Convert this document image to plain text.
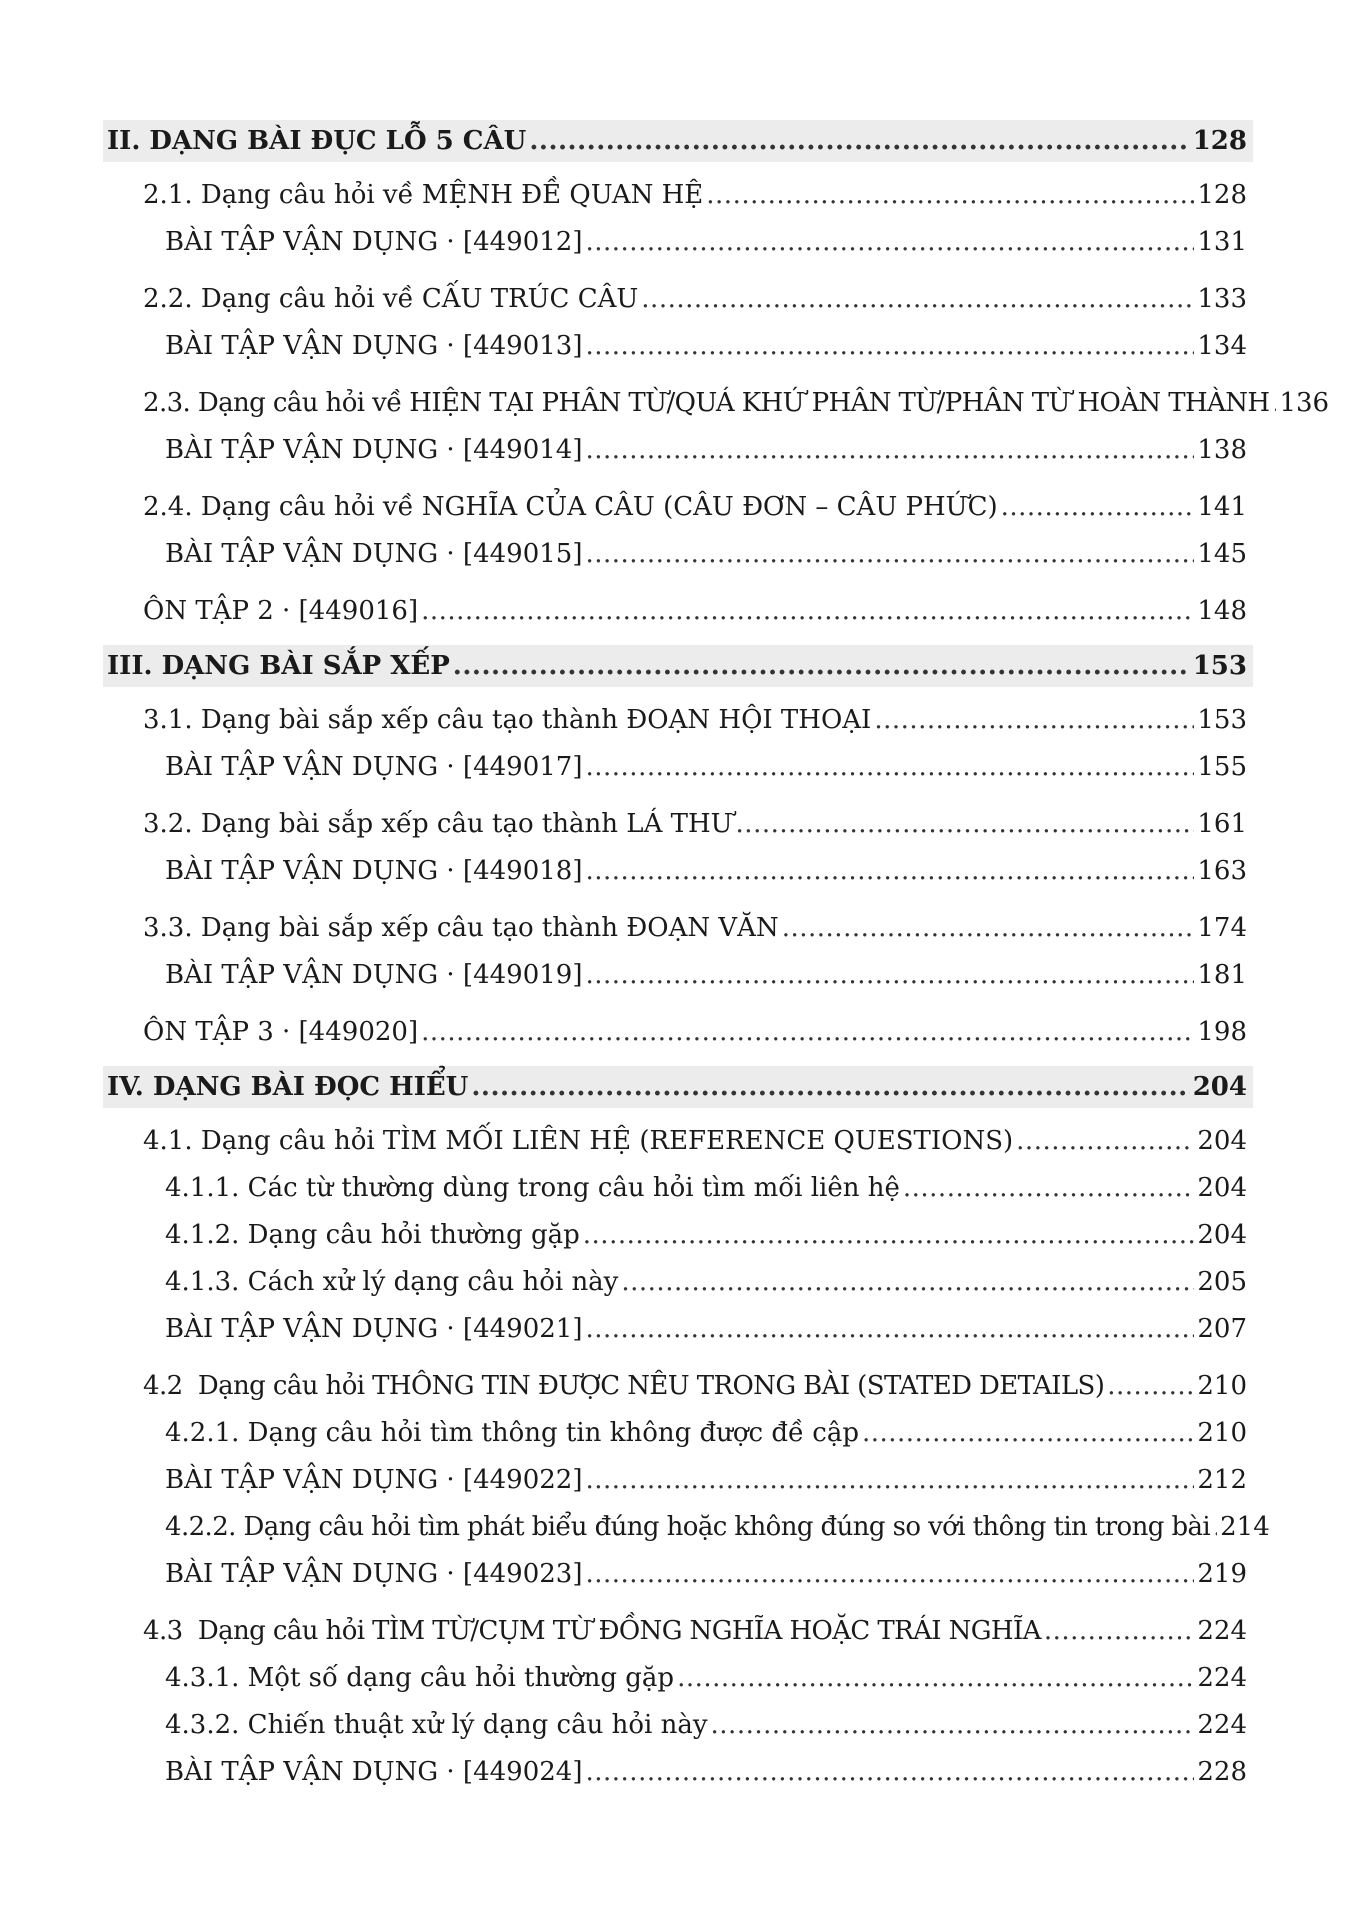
II. DẠNG BÀI ĐỤC LỖ 5 CÂU .....	128
2.1. Dạng câu hỏi về MỆNH ĐỀ QUAN HỆ .....	128
BÀI TẬP VẬN DỤNG · [449012] .....	131
2.2. Dạng câu hỏi về CẤU TRÚC CÂU .....	133
BÀI TẬP VẬN DỤNG · [449013] .....	134
2.3. Dạng câu hỏi về HIỆN TẠI PHÂN TỪ/QUÁ KHỨ PHÂN TỪ/PHÂN TỪ HOÀN THÀNH ..... 136
BÀI TẬP VẬN DỤNG · [449014] .....	138
2.4. Dạng câu hỏi về NGHĨA CỦA CÂU (CÂU ĐƠN – CÂU PHỨC) .....	141
BÀI TẬP VẬN DỤNG · [449015] .....	145
ÔN TẬP 2 · [449016] .....	148
III. DẠNG BÀI SẮP XẾP .....	153
3.1. Dạng bài sắp xếp câu tạo thành ĐOẠN HỘI THOẠI .....	153
BÀI TẬP VẬN DỤNG · [449017] .....	155
3.2. Dạng bài sắp xếp câu tạo thành LÁ THƯ .....	161
BÀI TẬP VẬN DỤNG · [449018] .....	163
3.3. Dạng bài sắp xếp câu tạo thành ĐOẠN VĂN .....	174
BÀI TẬP VẬN DỤNG · [449019] .....	181
ÔN TẬP 3 · [449020] .....	198
IV. DẠNG BÀI ĐỌC HIỂU .....	204
4.1. Dạng câu hỏi TÌM MỐI LIÊN HỆ (REFERENCE QUESTIONS) .....	204
4.1.1. Các từ thường dùng trong câu hỏi tìm mối liên hệ .....	204
4.1.2. Dạng câu hỏi thường gặp .....	204
4.1.3. Cách xử lý dạng câu hỏi này .....	205
BÀI TẬP VẬN DỤNG · [449021] .....	207
4.2  Dạng câu hỏi THÔNG TIN ĐƯỢC NÊU TRONG BÀI (STATED DETAILS) .....	210
4.2.1. Dạng câu hỏi tìm thông tin không được đề cập .....	210
BÀI TẬP VẬN DỤNG · [449022] .....	212
4.2.2. Dạng câu hỏi tìm phát biểu đúng hoặc không đúng so với thông tin trong bài ..... 214
BÀI TẬP VẬN DỤNG · [449023] .....	219
4.3  Dạng câu hỏi TÌM TỪ/CỤM TỪ ĐỒNG NGHĨA HOẶC TRÁI NGHĨA .....	224
4.3.1. Một số dạng câu hỏi thường gặp .....	224
4.3.2. Chiến thuật xử lý dạng câu hỏi này .....	224
BÀI TẬP VẬN DỤNG · [449024] .....	228
